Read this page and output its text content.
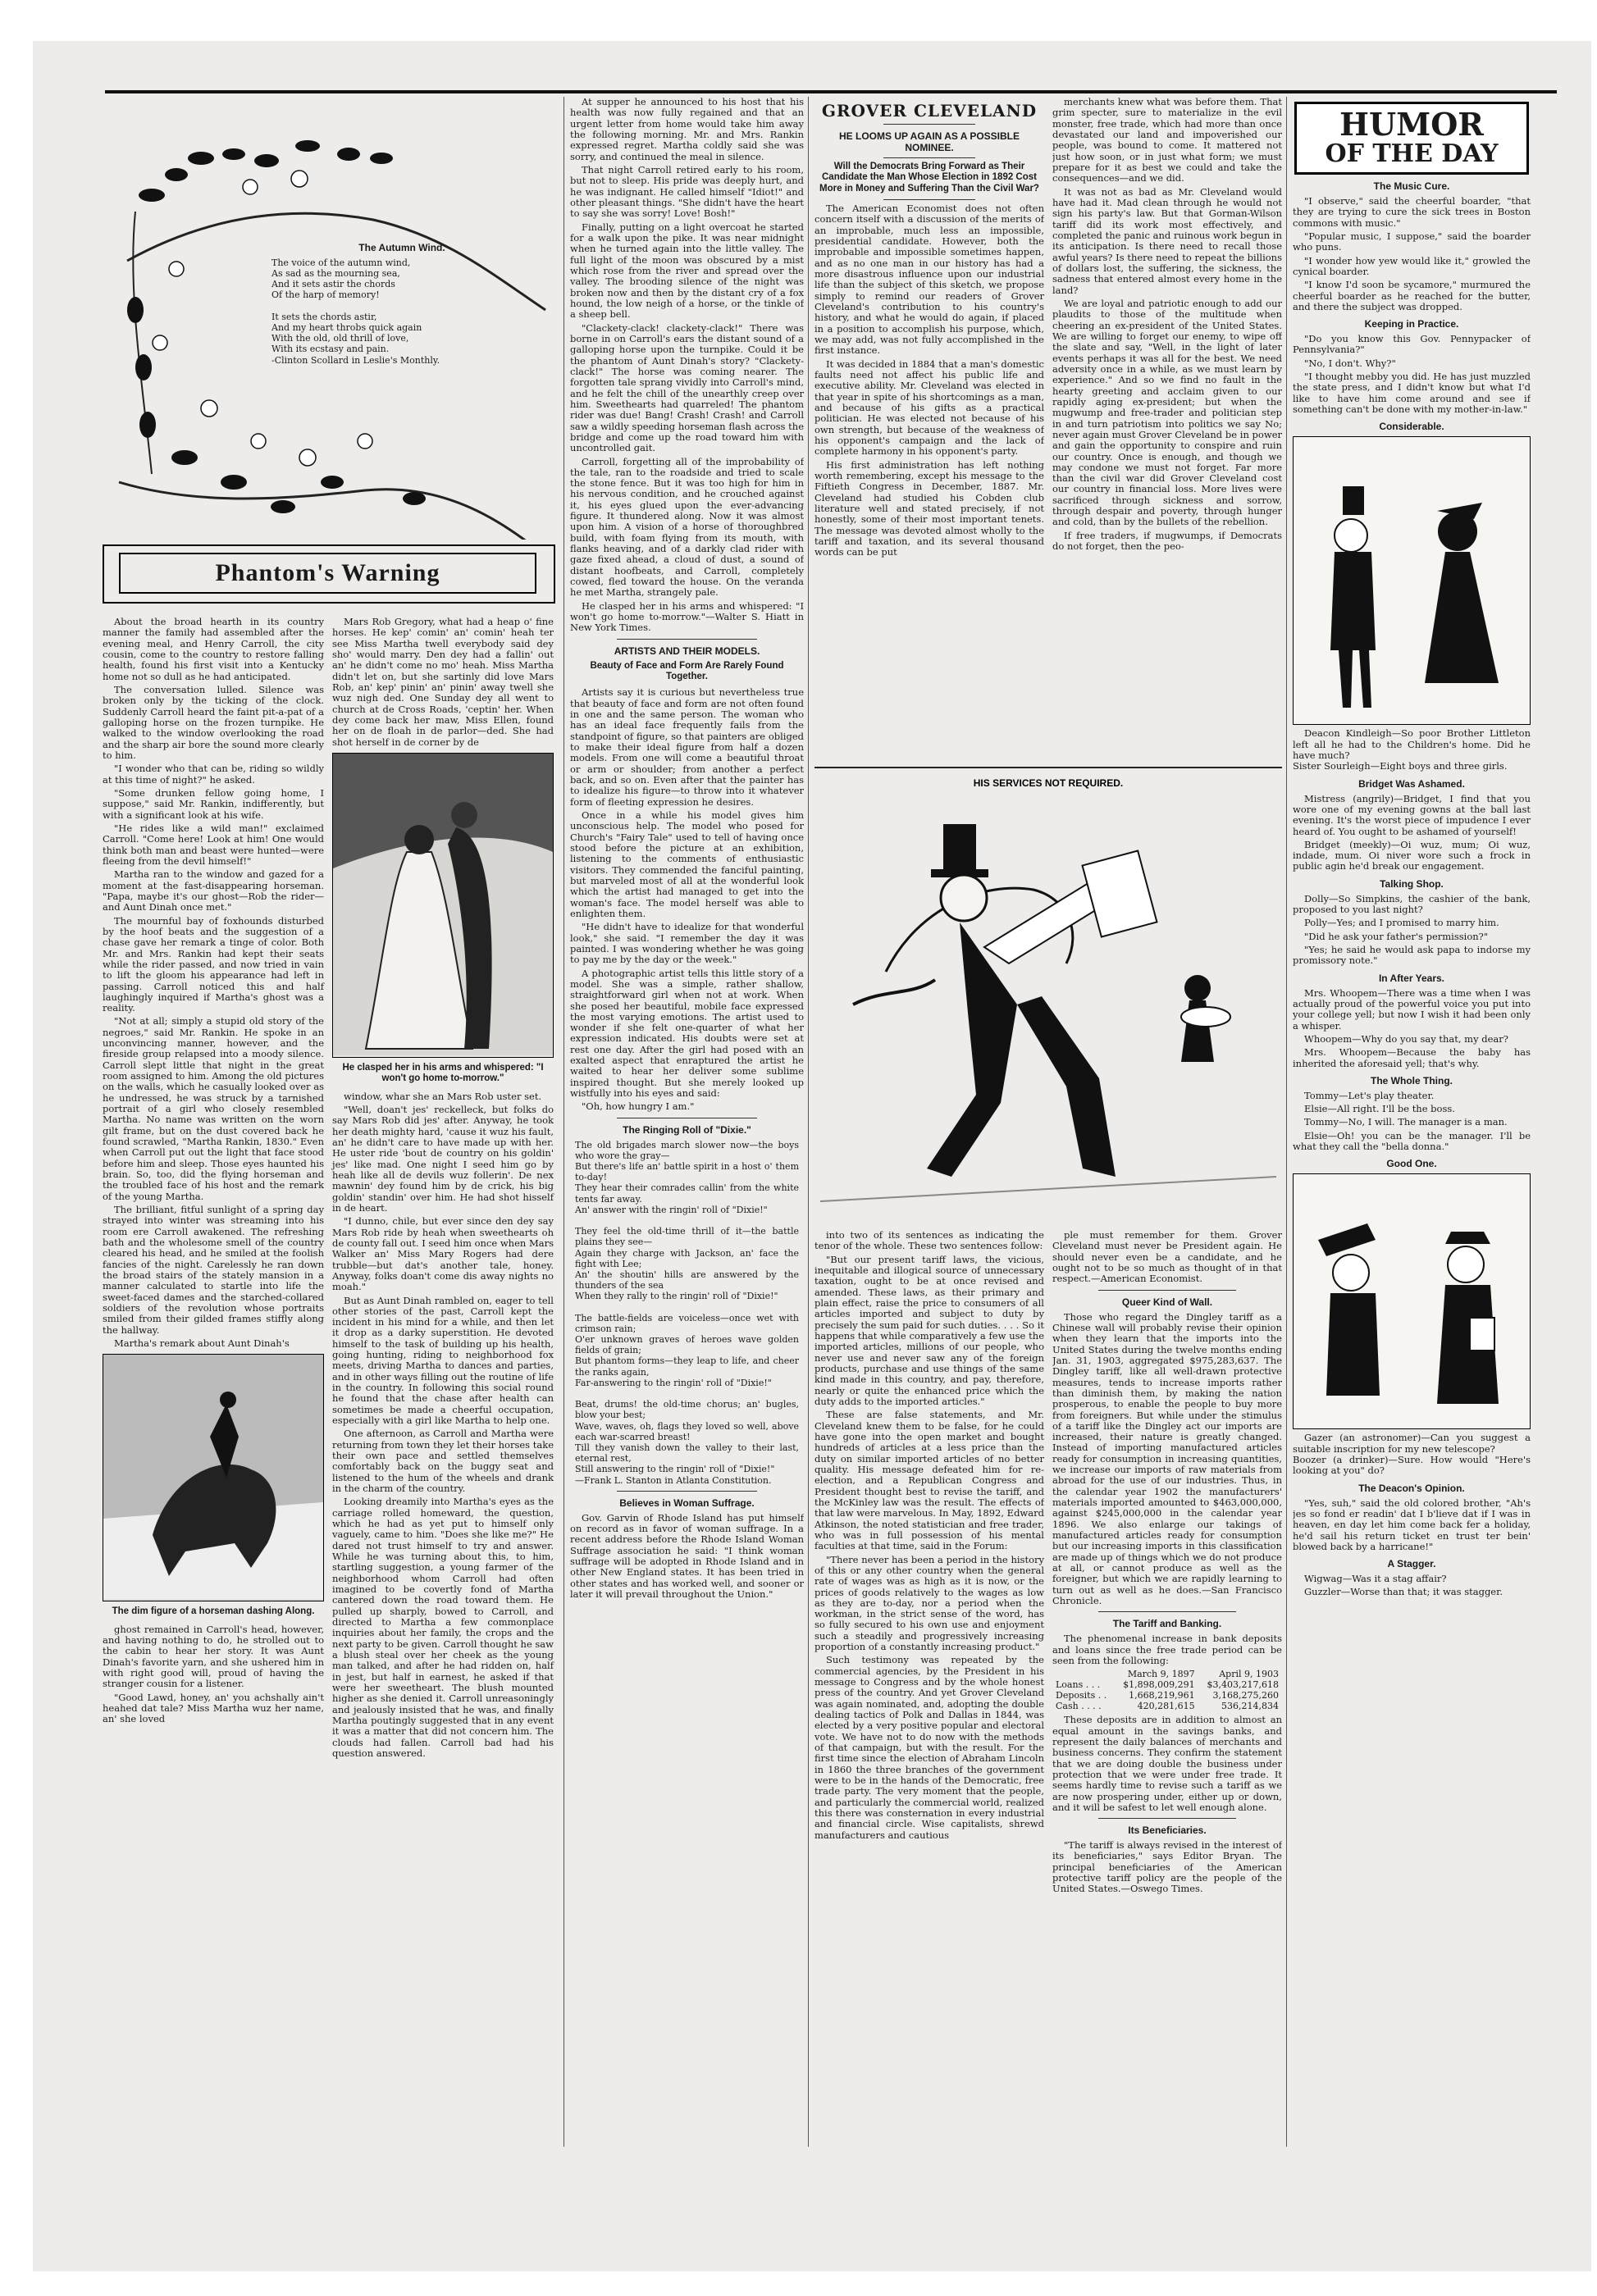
The Autumn Wind.
The voice of the autumn wind,
As sad as the mourning sea,
And it sets astir the chords
Of the harp of memory!

It sets the chords astir,
And my heart throbs quick again
With the old, old thrill of love,
With its ecstasy and pain.
-Clinton Scollard in Leslie's Monthly.
Phantom's Warning

About the broad hearth in its country manner the family had assembled after the evening meal, and Henry Carroll, the city cousin, come to the country to restore falling health, found his first visit into a Kentucky home not so dull as he had anticipated.

The conversation lulled. Silence was broken only by the ticking of the clock. Suddenly Carroll heard the faint pit-a-pat of a galloping horse on the frozen turnpike. He walked to the window overlooking the road and the sharp air bore the sound more clearly to him.

"I wonder who that can be, riding so wildly at this time of night?" he asked.

"Some drunken fellow going home, I suppose," said Mr. Rankin, indifferently, but with a significant look at his wife.

"He rides like a wild man!" exclaimed Carroll. "Come here! Look at him! One would think both man and beast were hunted—were fleeing from the devil himself!"

Martha ran to the window and gazed for a moment at the fast-disappearing horseman. "Papa, maybe it's our ghost—Rob the rider—and Aunt Dinah once met."

The mournful bay of foxhounds disturbed by the hoof beats and the suggestion of a chase gave her remark a tinge of color. Both Mr. and Mrs. Rankin had kept their seats while the rider passed, and now tried in vain to lift the gloom his appearance had left in passing. Carroll noticed this and half laughingly inquired if Martha's ghost was a reality.

"Not at all; simply a stupid old story of the negroes," said Mr. Rankin. He spoke in an unconvincing manner, however, and the fireside group relapsed into a moody silence. Carroll slept little that night in the great room assigned to him. Among the old pictures on the walls, which he casually looked over as he undressed, he was struck by a tarnished portrait of a girl who closely resembled Martha. No name was written on the worn gilt frame, but on the dust covered back he found scrawled, "Martha Rankin, 1830." Even when Carroll put out the light that face stood before him and sleep. Those eyes haunted his brain. So, too, did the flying horseman and the troubled face of his host and the remark of the young Martha.

The brilliant, fitful sunlight of a spring day strayed into winter was streaming into his room ere Carroll awakened. The refreshing bath and the wholesome smell of the country cleared his head, and he smiled at the foolish fancies of the night. Carelessly he ran down the broad stairs of the stately mansion in a manner calculated to startle into life the sweet-faced dames and the starched-collared soldiers of the revolution whose portraits smiled from their gilded frames stiffly along the hallway.

Martha's remark about Aunt Dinah's

The dim figure of a horseman dashing Along.

ghost remained in Carroll's head, however, and having nothing to do, he strolled out to the cabin to hear her story. It was Aunt Dinah's favorite yarn, and she ushered him in with right good will, proud of having the stranger cousin for a listener.

"Good Lawd, honey, an' you achshally ain't heahed dat tale? Miss Martha wuz her name, an' she loved

Mars Rob Gregory, what had a heap o' fine horses. He kep' comin' an' comin' heah ter see Miss Martha twell everybody said dey sho' would marry. Den dey had a fallin' out an' he didn't come no mo' heah. Miss Martha didn't let on, but she sartinly did love Mars Rob, an' kep' pinin' an' pinin' away twell she wuz nigh ded. One Sunday dey all went to church at de Cross Roads, 'ceptin' her. When dey come back her maw, Miss Ellen, found her on de floah in de parlor—ded. She had shot herself in de corner by de

He clasped her in his arms and whispered: "I won't go home to-morrow."

window, whar she an Mars Rob uster set.

"Well, doan't jes' reckelleck, but folks do say Mars Rob did jes' after. Anyway, he took her death mighty hard, 'cause it wuz his fault, an' he didn't care to have made up with her. He uster ride 'bout de country on his goldin' jes' like mad. One night I seed him go by heah like all de devils wuz follerin'. De nex mawnin' dey found him by de crick, his big goldin' standin' over him. He had shot hisself in de heart.

"I dunno, chile, but ever since den dey say Mars Rob ride by heah when sweethearts oh de county fall out. I seed him once when Mars Walker an' Miss Mary Rogers had dere trubble—but dat's another tale, honey. Anyway, folks doan't come dis away nights no moah."

But as Aunt Dinah rambled on, eager to tell other stories of the past, Carroll kept the incident in his mind for a while, and then let it drop as a darky superstition. He devoted himself to the task of building up his health, going hunting, riding to neighborhood fox meets, driving Martha to dances and parties, and in other ways filling out the routine of life in the country. In following this social round he found that the chase after health can sometimes be made a cheerful occupation, especially with a girl like Martha to help one.

One afternoon, as Carroll and Martha were returning from town they let their horses take their own pace and settled themselves comfortably back on the buggy seat and listened to the hum of the wheels and drank in the charm of the country.

Looking dreamily into Martha's eyes as the carriage rolled homeward, the question, which he had as yet put to himself only vaguely, came to him. "Does she like me?" He dared not trust himself to try and answer. While he was turning about this, to him, startling suggestion, a young farmer of the neighborhood whom Carroll had often imagined to be covertly fond of Martha cantered down the road toward them. He pulled up sharply, bowed to Carroll, and directed to Martha a few commonplace inquiries about her family, the crops and the next party to be given. Carroll thought he saw a blush steal over her cheek as the young man talked, and after he had ridden on, half in jest, but half in earnest, he asked if that were her sweetheart. The blush mounted higher as she denied it. Carroll unreasoningly and jealously insisted that he was, and finally Martha poutingly suggested that in any event it was a matter that did not concern him. The clouds had fallen. Carroll bad had his question answered.

At supper he announced to his host that his health was now fully regained and that an urgent letter from home would take him away the following morning. Mr. and Mrs. Rankin expressed regret. Martha coldly said she was sorry, and continued the meal in silence.

That night Carroll retired early to his room, but not to sleep. His pride was deeply hurt, and he was indignant. He called himself "Idiot!" and other pleasant things. "She didn't have the heart to say she was sorry! Love! Bosh!"

Finally, putting on a light overcoat he started for a walk upon the pike. It was near midnight when he turned again into the little valley. The full light of the moon was obscured by a mist which rose from the river and spread over the valley. The brooding silence of the night was broken now and then by the distant cry of a fox hound, the low neigh of a horse, or the tinkle of a sheep bell.

"Clackety-clack! clackety-clack!" There was borne in on Carroll's ears the distant sound of a galloping horse upon the turnpike. Could it be the phantom of Aunt Dinah's story? "Clackety-clack!" The horse was coming nearer. The forgotten tale sprang vividly into Carroll's mind, and he felt the chill of the unearthly creep over him. Sweethearts had quarreled! The phantom rider was due! Bang! Crash! Crash! and Carroll saw a wildly speeding horseman flash across the bridge and come up the road toward him with uncontrolled gait.

Carroll, forgetting all of the improbability of the tale, ran to the roadside and tried to scale the stone fence. But it was too high for him in his nervous condition, and he crouched against it, his eyes glued upon the ever-advancing figure. It thundered along. Now it was almost upon him. A vision of a horse of thoroughbred build, with foam flying from its mouth, with flanks heaving, and of a darkly clad rider with gaze fixed ahead, a cloud of dust, a sound of distant hoofbeats, and Carroll, completely cowed, fled toward the house. On the veranda he met Martha, strangely pale.

He clasped her in his arms and whispered: "I won't go home to-morrow."—Walter S. Hiatt in New York Times.

ARTISTS AND THEIR MODELS.
Beauty of Face and Form Are Rarely Found Together.

Artists say it is curious but nevertheless true that beauty of face and form are not often found in one and the same person. The woman who has an ideal face frequently fails from the standpoint of figure, so that painters are obliged to make their ideal figure from half a dozen models. From one will come a beautiful throat or arm or shoulder; from another a perfect back, and so on. Even after that the painter has to idealize his figure—to throw into it whatever form of fleeting expression he desires.

Once in a while his model gives him unconscious help. The model who posed for Church's "Fairy Tale" used to tell of having once stood before the picture at an exhibition, listening to the comments of enthusiastic visitors. They commended the fanciful painting, but marveled most of all at the wonderful look which the artist had managed to get into the woman's face. The model herself was able to enlighten them.

"He didn't have to idealize for that wonderful look," she said. "I remember the day it was painted. I was wondering whether he was going to pay me by the day or the week."

A photographic artist tells this little story of a model. She was a simple, rather shallow, straightforward girl when not at work. When she posed her beautiful, mobile face expressed the most varying emotions. The artist used to wonder if she felt one-quarter of what her expression indicated. His doubts were set at rest one day. After the girl had posed with an exalted aspect that enraptured the artist he waited to hear her deliver some sublime inspired thought. But she merely looked up wistfully into his eyes and said:

"Oh, how hungry I am."

The Ringing Roll of "Dixie."
The old brigades march slower now—the boys who wore the gray—
But there's life an' battle spirit in a host o' them to-day!
They hear their comrades callin' from the white tents far away.
An' answer with the ringin' roll of "Dixie!"

They feel the old-time thrill of it—the battle plains they see—
Again they charge with Jackson, an' face the fight with Lee;
An' the shoutin' hills are answered by the thunders of the sea
When they rally to the ringin' roll of "Dixie!"

The battle-fields are voiceless—once wet with crimson rain;
O'er unknown graves of heroes wave golden fields of grain;
But phantom forms—they leap to life, and cheer the ranks again,
Far-answering to the ringin' roll of "Dixie!"

Beat, drums! the old-time chorus; an' bugles, blow your best;
Wave, waves, oh, flags they loved so well, above each war-scarred breast!
Till they vanish down the valley to their last, eternal rest,
Still answering to the ringin' roll of "Dixie!"
—Frank L. Stanton in Atlanta Constitution.
Believes in Woman Suffrage.

Gov. Garvin of Rhode Island has put himself on record as in favor of woman suffrage. In a recent address before the Rhode Island Woman Suffrage association he said: "I think woman suffrage will be adopted in Rhode Island and in other New England states. It has been tried in other states and has worked well, and sooner or later it will prevail throughout the Union."

GROVER CLEVELAND
HE LOOMS UP AGAIN AS A POSSIBLE NOMINEE.
Will the Democrats Bring Forward as Their Candidate the Man Whose Election in 1892 Cost More in Money and Suffering Than the Civil War?

The American Economist does not often concern itself with a discussion of the merits of an improbable, much less an impossible, presidential candidate. However, both the improbable and impossible sometimes happen, and as no one man in our history has had a more disastrous influence upon our industrial life than the subject of this sketch, we propose simply to remind our readers of Grover Cleveland's contribution to his country's history, and what he would do again, if placed in a position to accomplish his purpose, which, we may add, was not fully accomplished in the first instance.

It was decided in 1884 that a man's domestic faults need not affect his public life and executive ability. Mr. Cleveland was elected in that year in spite of his shortcomings as a man, and because of his gifts as a practical politician. He was elected not because of his own strength, but because of the weakness of his opponent's campaign and the lack of complete harmony in his opponent's party.

His first administration has left nothing worth remembering, except his message to the Fiftieth Congress in December, 1887. Mr. Cleveland had studied his Cobden club literature well and stated precisely, if not honestly, some of their most important tenets. The message was devoted almost wholly to the tariff and taxation, and its several thousand words can be put

merchants knew what was before them. That grim specter, sure to materialize in the evil monster, free trade, which had more than once devastated our land and impoverished our people, was bound to come. It mattered not just how soon, or in just what form; we must prepare for it as best we could and take the consequences—and we did.

It was not as bad as Mr. Cleveland would have had it. Mad clean through he would not sign his party's law. But that Gorman-Wilson tariff did its work most effectively, and completed the panic and ruinous work begun in its anticipation. Is there need to recall those awful years? Is there need to repeat the billions of dollars lost, the suffering, the sickness, the sadness that entered almost every home in the land?

We are loyal and patriotic enough to add our plaudits to those of the multitude when cheering an ex-president of the United States. We are willing to forget our enemy, to wipe off the slate and say, "Well, in the light of later events perhaps it was all for the best. We need adversity once in a while, as we must learn by experience." And so we find no fault in the hearty greeting and acclaim given to our rapidly aging ex-president; but when the mugwump and free-trader and politician step in and turn patriotism into politics we say No; never again must Grover Cleveland be in power and gain the opportunity to conspire and ruin our country. Once is enough, and though we may condone we must not forget. Far more than the civil war did Grover Cleveland cost our country in financial loss. More lives were sacrificed through sickness and sorrow, through despair and poverty, through hunger and cold, than by the bullets of the rebellion.

If free traders, if mugwumps, if Democrats do not forget, then the peo-

HIS SERVICES NOT REQUIRED.

into two of its sentences as indicating the tenor of the whole. These two sentences follow:

"But our present tariff laws, the vicious, inequitable and illogical source of unnecessary taxation, ought to be at once revised and amended. These laws, as their primary and plain effect, raise the price to consumers of all articles imported and subject to duty by precisely the sum paid for such duties. . . . So it happens that while comparatively a few use the imported articles, millions of our people, who never use and never saw any of the foreign products, purchase and use things of the same kind made in this country, and pay, therefore, nearly or quite the enhanced price which the duty adds to the imported articles."

These are false statements, and Mr. Cleveland knew them to be false, for he could have gone into the open market and bought hundreds of articles at a less price than the duty on similar imported articles of no better quality. His message defeated him for re-election, and a Republican Congress and President thought best to revise the tariff, and the McKinley law was the result. The effects of that law were marvelous. In May, 1892, Edward Atkinson, the noted statistician and free trader, who was in full possession of his mental faculties at that time, said in the Forum:

"There never has been a period in the history of this or any other country when the general rate of wages was as high as it is now, or the prices of goods relatively to the wages as low as they are to-day, nor a period when the workman, in the strict sense of the word, has so fully secured to his own use and enjoyment such a steadily and progressively increasing proportion of a constantly increasing product."

Such testimony was repeated by the commercial agencies, by the President in his message to Congress and by the whole honest press of the country. And yet Grover Cleveland was again nominated, and, adopting the double dealing tactics of Polk and Dallas in 1844, was elected by a very positive popular and electoral vote. We have not to do now with the methods of that campaign, but with the result. For the first time since the election of Abraham Lincoln in 1860 the three branches of the government were to be in the hands of the Democratic, free trade party. The very moment that the people, and particularly the commercial world, realized this there was consternation in every industrial and financial circle. Wise capitalists, shrewd manufacturers and cautious

ple must remember for them. Grover Cleveland must never be President again. He should never even be a candidate, and he ought not to be so much as thought of in that respect.—American Economist.

Queer Kind of Wall.

Those who regard the Dingley tariff as a Chinese wall will probably revise their opinion when they learn that the imports into the United States during the twelve months ending Jan. 31, 1903, aggregated $975,283,637. The Dingley tariff, like all well-drawn protective measures, tends to increase imports rather than diminish them, by making the nation prosperous, to enable the people to buy more from foreigners. But while under the stimulus of a tariff like the Dingley act our imports are increased, their nature is greatly changed. Instead of importing manufactured articles ready for consumption in increasing quantities, we increase our imports of raw materials from abroad for the use of our industries. Thus, in the calendar year 1902 the manufacturers' materials imported amounted to $463,000,000, against $245,000,000 in the calendar year 1896. We also enlarge our takings of manufactured articles ready for consumption but our increasing imports in this classification are made up of things which we do not produce at all, or cannot produce as well as the foreigner, but which we are rapidly learning to turn out as well as he does.—San Francisco Chronicle.

The Tariff and Banking.

The phenomenal increase in bank deposits and loans since the free trade period can be seen from the following:

	March 9, 1897	April 9, 1903
Loans . . .	$1,898,009,291	$3,403,217,618
Deposits . .	1,668,219,961	3,168,275,260
Cash . . . .	420,281,615	536,214,834

These deposits are in addition to almost an equal amount in the savings banks, and represent the daily balances of merchants and business concerns. They confirm the statement that we are doing double the business under protection that we were under free trade. It seems hardly time to revise such a tariff as we are now prospering under, either up or down, and it will be safest to let well enough alone.

Its Beneficiaries.

"The tariff is always revised in the interest of its beneficiaries," says Editor Bryan. The principal beneficiaries of the American protective tariff policy are the people of the United States.—Oswego Times.

HUMOR
OF THE DAY
The Music Cure.

"I observe," said the cheerful boarder, "that they are trying to cure the sick trees in Boston commons with music."

"Popular music, I suppose," said the boarder who puns.

"I wonder how yew would like it," growled the cynical boarder.

"I know I'd soon be sycamore," murmured the cheerful boarder as he reached for the butter, and there the subject was dropped.

Keeping in Practice.

"Do you know this Gov. Pennypacker of Pennsylvania?"

"No, I don't. Why?"

"I thought mebby you did. He has just muzzled the state press, and I didn't know but what I'd like to have him come around and see if something can't be done with my mother-in-law."

Considerable.

Deacon Kindleigh—So poor Brother Littleton left all he had to the Children's home. Did he have much?
Sister Sourleigh—Eight boys and three girls.

Bridget Was Ashamed.

Mistress (angrily)—Bridget, I find that you wore one of my evening gowns at the ball last evening. It's the worst piece of impudence I ever heard of. You ought to be ashamed of yourself!

Bridget (meekly)—Oi wuz, mum; Oi wuz, indade, mum. Oi niver wore such a frock in public agin he'd break our engagement.

Talking Shop.

Dolly—So Simpkins, the cashier of the bank, proposed to you last night?

Polly—Yes; and I promised to marry him.

"Did he ask your father's permission?"

"Yes; he said he would ask papa to indorse my promissory note."

In After Years.

Mrs. Whoopem—There was a time when I was actually proud of the powerful voice you put into your college yell; but now I wish it had been only a whisper.

Whoopem—Why do you say that, my dear?

Mrs. Whoopem—Because the baby has inherited the aforesaid yell; that's why.

The Whole Thing.

Tommy—Let's play theater.

Elsie—All right. I'll be the boss.

Tommy—No, I will. The manager is a man.

Elsie—Oh! you can be the manager. I'll be what they call the "bella donna."

Good One.

Gazer (an astronomer)—Can you suggest a suitable inscription for my new telescope?
Boozer (a drinker)—Sure. How would "Here's looking at you" do?

The Deacon's Opinion.

"Yes, suh," said the old colored brother, "Ah's jes so fond er readin' dat I b'lieve dat if I was in heaven, en day let him come back fer a holiday, he'd sail his return ticket en trust ter bein' blowed back by a harricane!"

A Stagger.

Wigwag—Was it a stag affair?

Guzzler—Worse than that; it was stagger.
